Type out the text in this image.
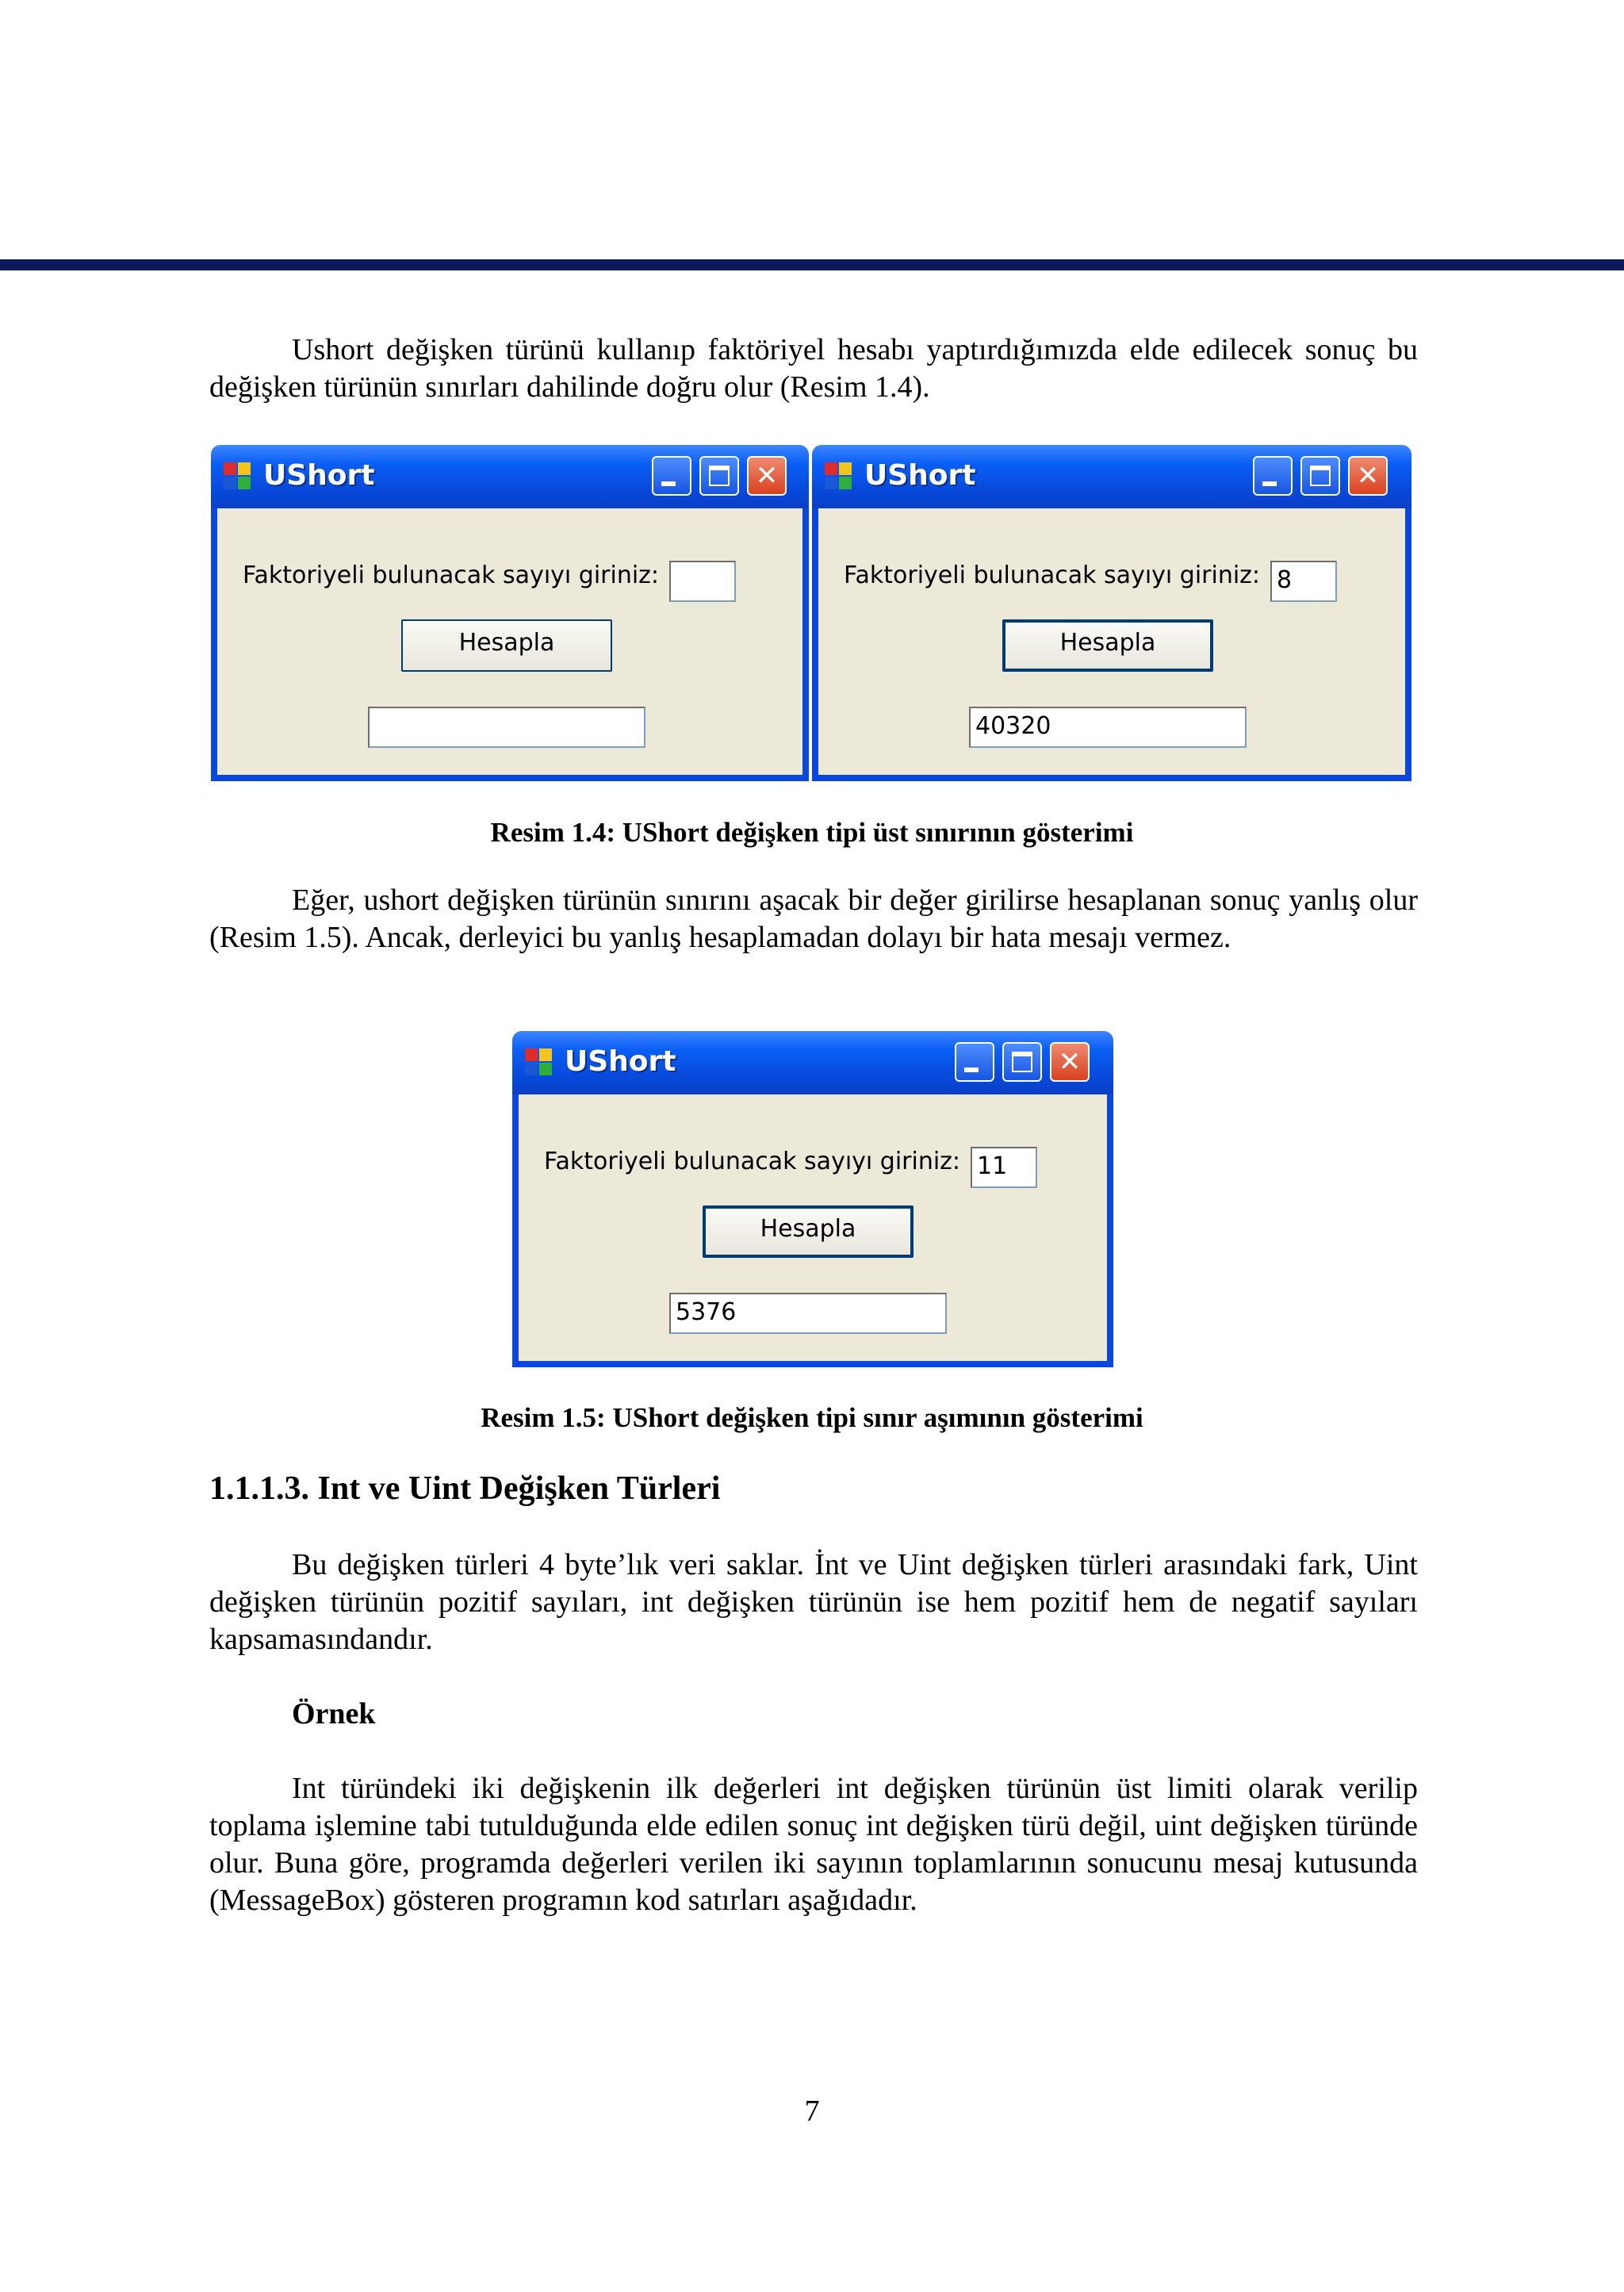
Ushort değişken türünü kullanıp faktöriyel hesabı yaptırdığımızda elde edilecek sonuç bu değişken türünün sınırları dahilinde doğru olur (Resim 1.4).

UShort	✕
Faktoriyeli bulunacak sayıyı giriniz:
Hesapla
UShort	✕
Faktoriyeli bulunacak sayıyı giriniz: 8
Hesapla
40320

Resim 1.4: UShort değişken tipi üst sınırının gösterimi

Eğer, ushort değişken türünün sınırını aşacak bir değer girilirse hesaplanan sonuç yanlış olur (Resim 1.5). Ancak, derleyici bu yanlış hesaplamadan dolayı bir hata mesajı vermez.

UShort	✕
Faktoriyeli bulunacak sayıyı giriniz: 11
Hesapla
5376

Resim 1.5: UShort değişken tipi sınır aşımının gösterimi

1.1.1.3. Int ve Uint Değişken Türleri

Bu değişken türleri 4 byte’lık veri saklar. İnt ve Uint değişken türleri arasındaki fark, Uint değişken türünün pozitif sayıları, int değişken türünün ise hem pozitif hem de negatif sayıları kapsamasındandır.

Örnek

Int türündeki iki değişkenin ilk değerleri int değişken türünün üst limiti olarak verilip toplama işlemine tabi tutulduğunda elde edilen sonuç int değişken türü değil, uint değişken türünde olur. Buna göre, programda değerleri verilen iki sayının toplamlarının sonucunu mesaj kutusunda (MessageBox) gösteren programın kod satırları aşağıdadır.

7
